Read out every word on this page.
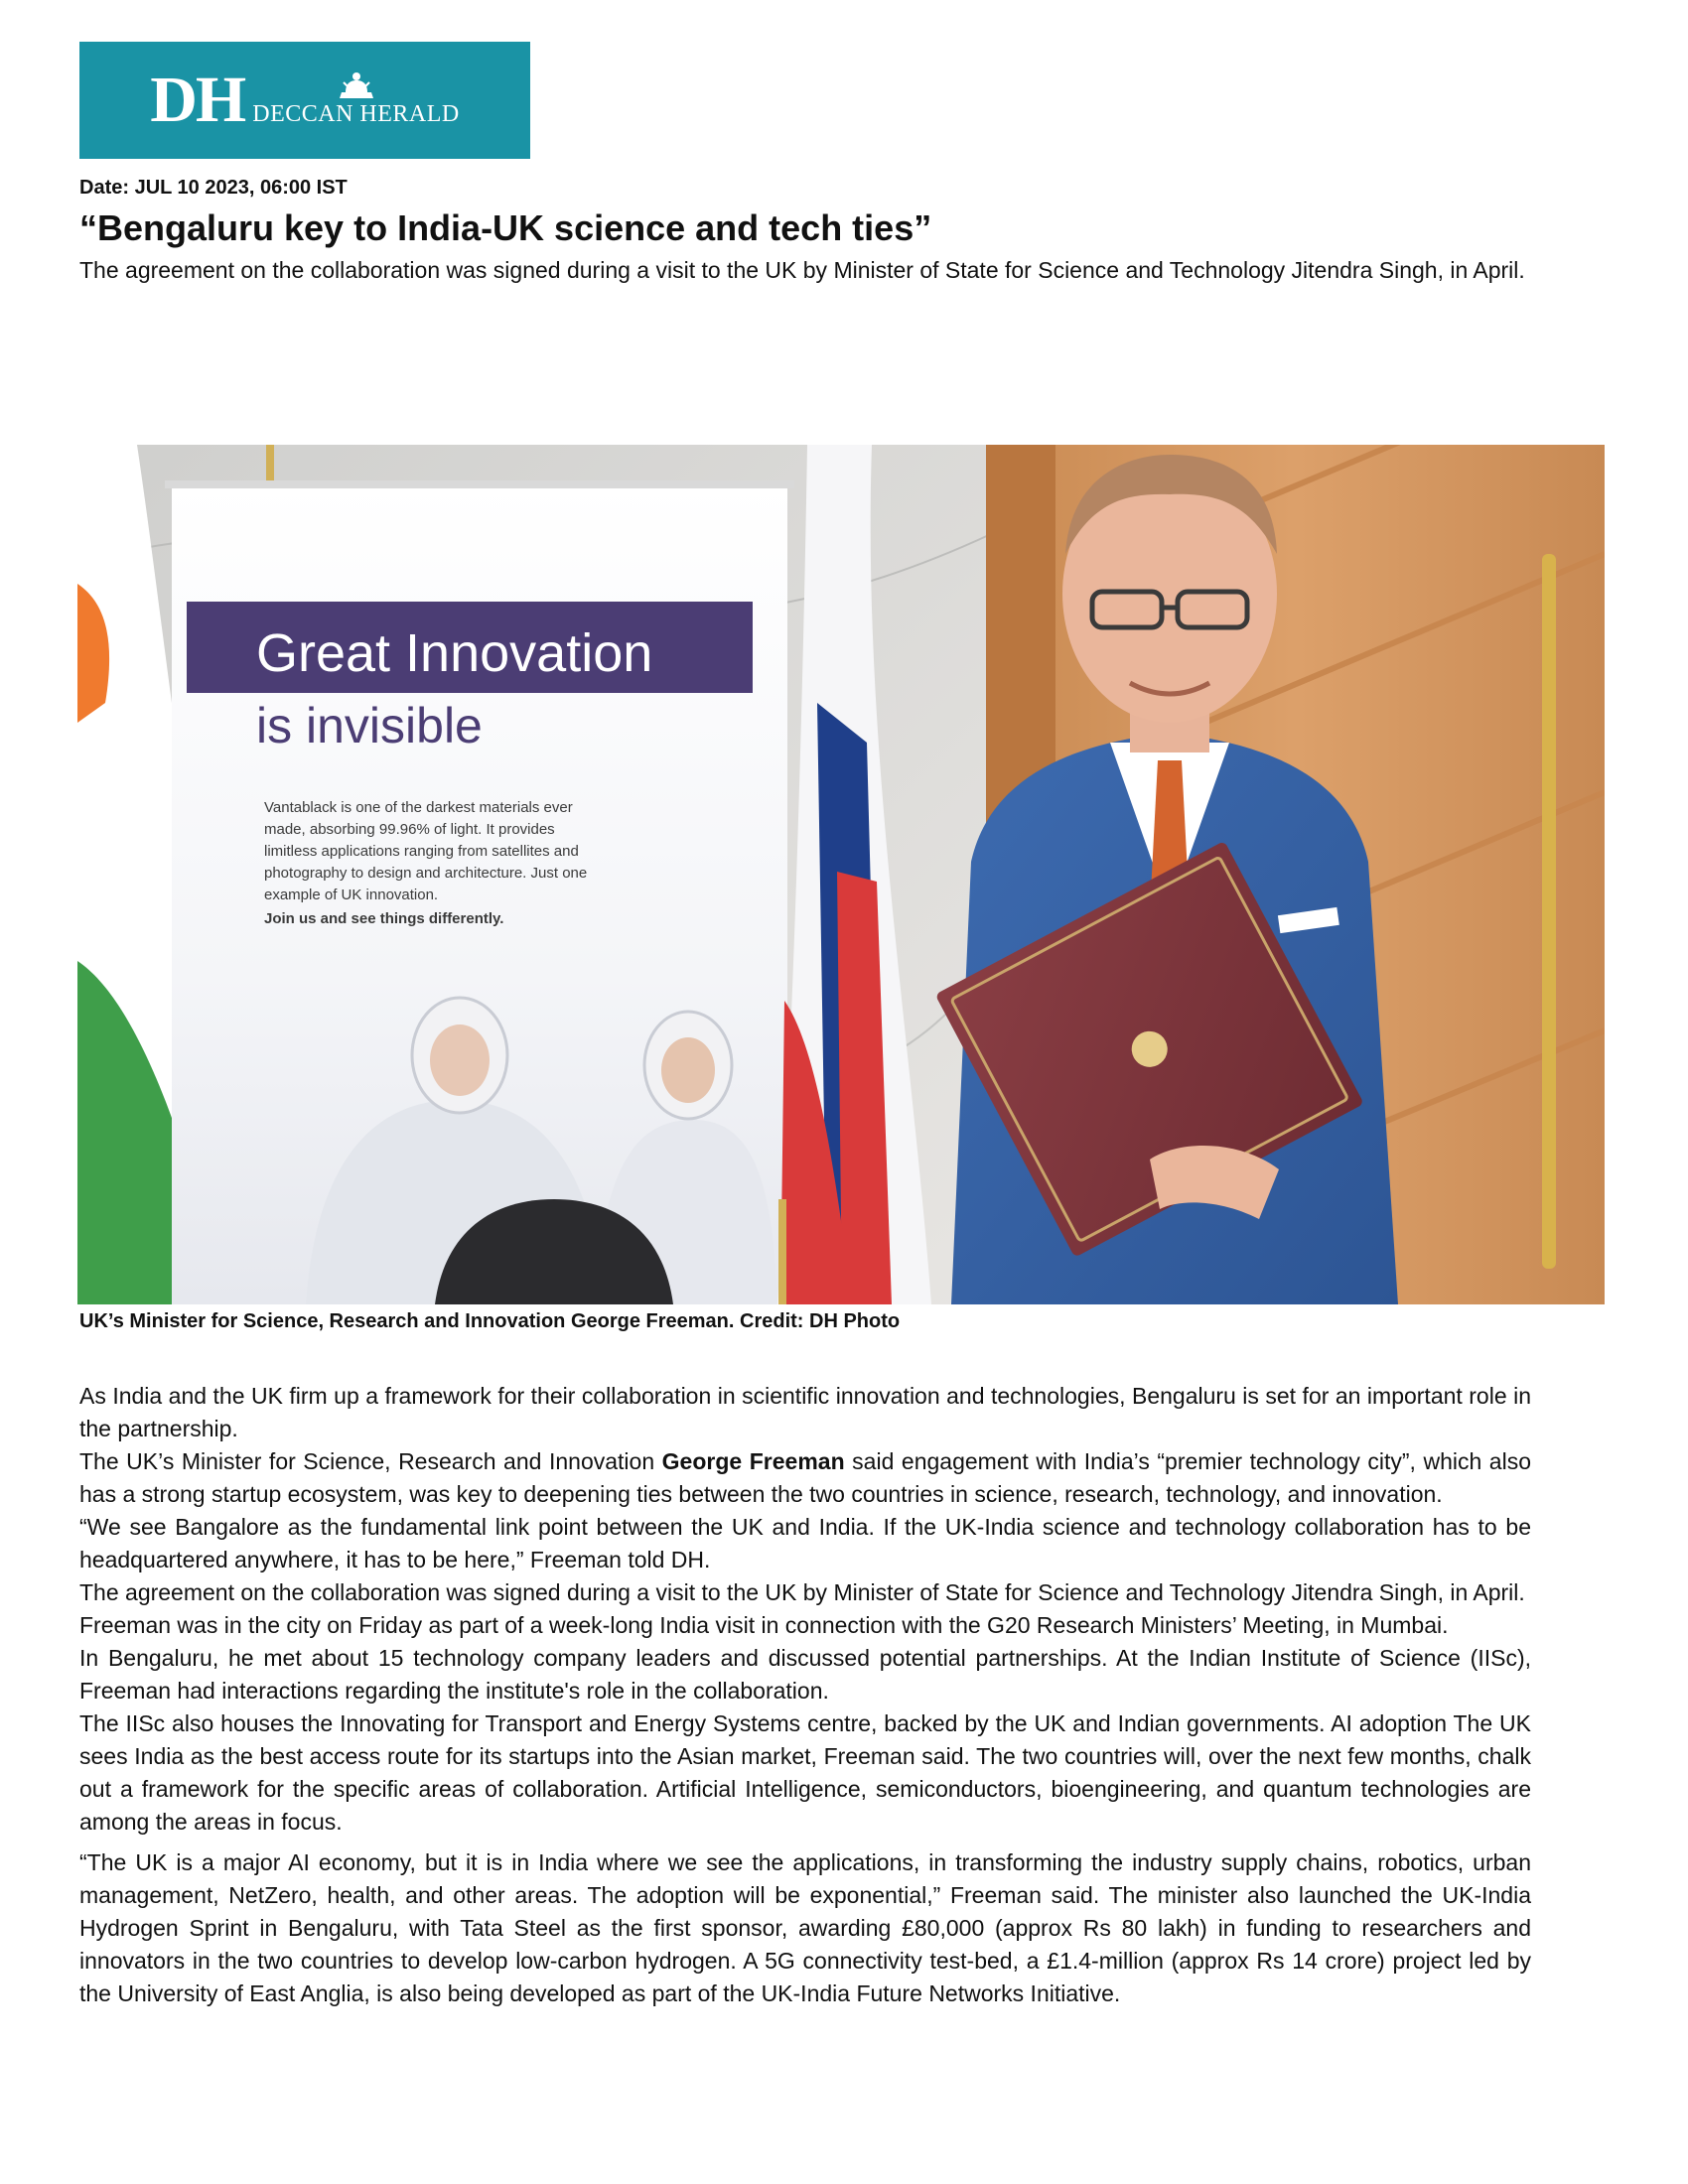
DH DECCAN HERALD
Date: JUL 10 2023, 06:00 IST
“Bengaluru key to India-UK science and tech ties”

The agreement on the collaboration was signed during a visit to the UK by Minister of State for Science and Technology Jitendra Singh, in April.

Great Innovation
is invisible
Vantablack is one of the darkest materials ever
made, absorbing 99.96% of light. It provides
limitless applications ranging from satellites and
photography to design and architecture. Just one
example of UK innovation.
Join us and see things differently.
UK’s Minister for Science, Research and Innovation George Freeman. Credit: DH Photo

As India and the UK firm up a framework for their collaboration in scientific innovation and technologies, Bengaluru is set for an important role in the partnership.

The UK’s Minister for Science, Research and Innovation George Freeman said engagement with India’s “premier technology city”, which also has a strong startup ecosystem, was key to deepening ties between the two countries in science, research, technology, and innovation.

“We see Bangalore as the fundamental link point between the UK and India. If the UK-India science and technology collaboration has to be headquartered anywhere, it has to be here,” Freeman told DH.

The agreement on the collaboration was signed during a visit to the UK by Minister of State for Science and Technology Jitendra Singh, in April.

Freeman was in the city on Friday as part of a week-long India visit in connection with the G20 Research Ministers’ Meeting, in Mumbai.

In Bengaluru, he met about 15 technology company leaders and discussed potential partnerships. At the Indian Institute of Science (IISc), Freeman had interactions regarding the institute's role in the collaboration.

The IISc also houses the Innovating for Transport and Energy Systems centre, backed by the UK and Indian governments. AI adoption The UK sees India as the best access route for its startups into the Asian market, Freeman said. The two countries will, over the next few months, chalk out a framework for the specific areas of collaboration. Artificial Intelligence, semiconductors, bioengineering, and quantum technologies are among the areas in focus.

“The UK is a major AI economy, but it is in India where we see the applications, in transforming the industry supply chains, robotics, urban management, NetZero, health, and other areas. The adoption will be exponential,” Freeman said. The minister also launched the UK-India Hydrogen Sprint in Bengaluru, with Tata Steel as the first sponsor, awarding £80,000 (approx Rs 80 lakh) in funding to researchers and innovators in the two countries to develop low-carbon hydrogen. A 5G connectivity test-bed, a £1.4-million (approx Rs 14 crore) project led by the University of East Anglia, is also being developed as part of the UK-India Future Networks Initiative.
